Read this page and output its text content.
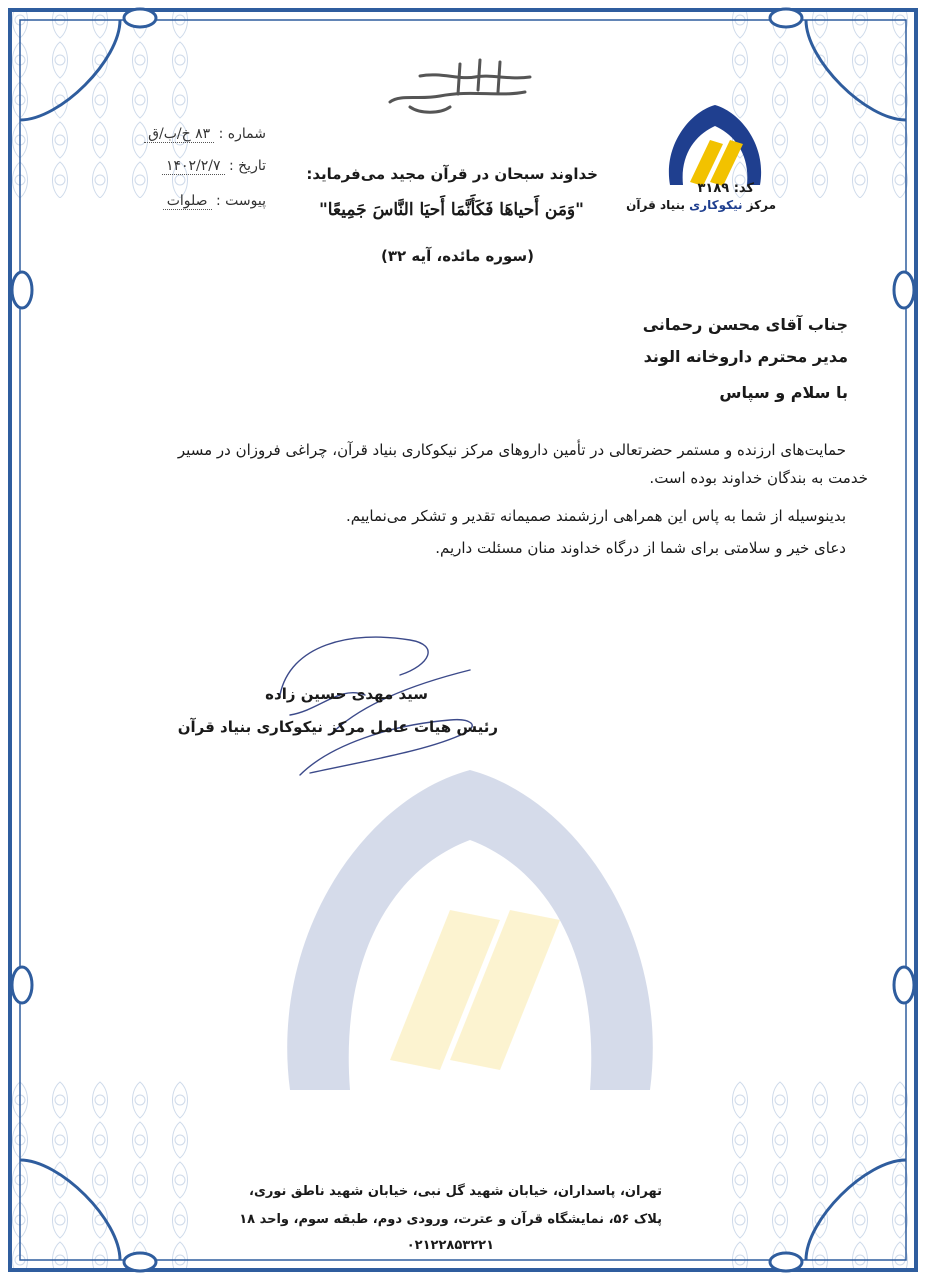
کد: ۳۱۸۹
مرکز نیکوکاری بنیاد قرآن
شماره : ۸۳ خ/ب/ق
تاریخ : ۱۴۰۲/۲/۷
پیوست : صلوات
خداوند سبحان در قرآن مجید می‌فرماید:
"وَمَن أَحياهَا فَکَأَنَّمَا أَحیَا النَّاسَ جَمِیعًا"
(سوره مائده، آیه ۳۲)
جناب آقای محسن رحمانی
مدیر محترم داروخانه الوند
با سلام و سپاس
حمایت‌های ارزنده و مستمر حضرتعالی در تأمین داروهای مرکز نیکوکاری بنیاد قرآن، چراغی فروزان در مسیر
خدمت به بندگان خداوند بوده است.
بدینوسیله از شما به پاس این همراهی ارزشمند صمیمانه تقدیر و تشکر می‌نماییم.
دعای خیر و سلامتی برای شما از درگاه خداوند منان مسئلت داریم.
سید مهدی حسین زاده
رئیس هیات عامل مرکز نیکوکاری بنیاد قرآن
تهران، پاسداران، خیابان شهید گل نبی، خیابان شهید ناطق نوری،
پلاک ۵۶، نمایشگاه قرآن و عترت، ورودی دوم، طبقه سوم، واحد ۱۸
۰۲۱۲۲۸۵۳۲۲۱
